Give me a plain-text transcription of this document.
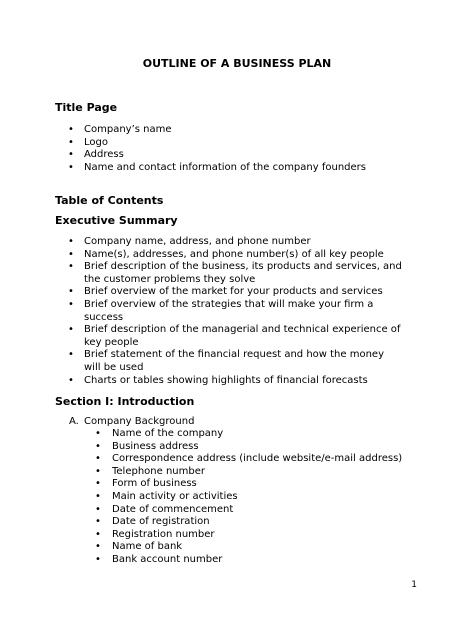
OUTLINE OF A BUSINESS PLAN
Title Page
• Company’s name
• Logo
• Address
• Name and contact information of the company founders
Table of Contents
Executive Summary
• Company name, address, and phone number
• Name(s), addresses, and phone number(s) of all key people
• Brief description of the business, its products and services, and the customer problems they solve
• Brief overview of the market for your products and services
• Brief overview of the strategies that will make your firm a success
• Brief description of the managerial and technical experience of key people
• Brief statement of the financial request and how the money will be used
• Charts or tables showing highlights of financial forecasts
Section I: Introduction
A. Company Background
• Name of the company
• Business address
• Correspondence address (include website/e-mail address)
• Telephone number
• Form of business
• Main activity or activities
• Date of commencement
• Date of registration
• Registration number
• Name of bank
• Bank account number
1
